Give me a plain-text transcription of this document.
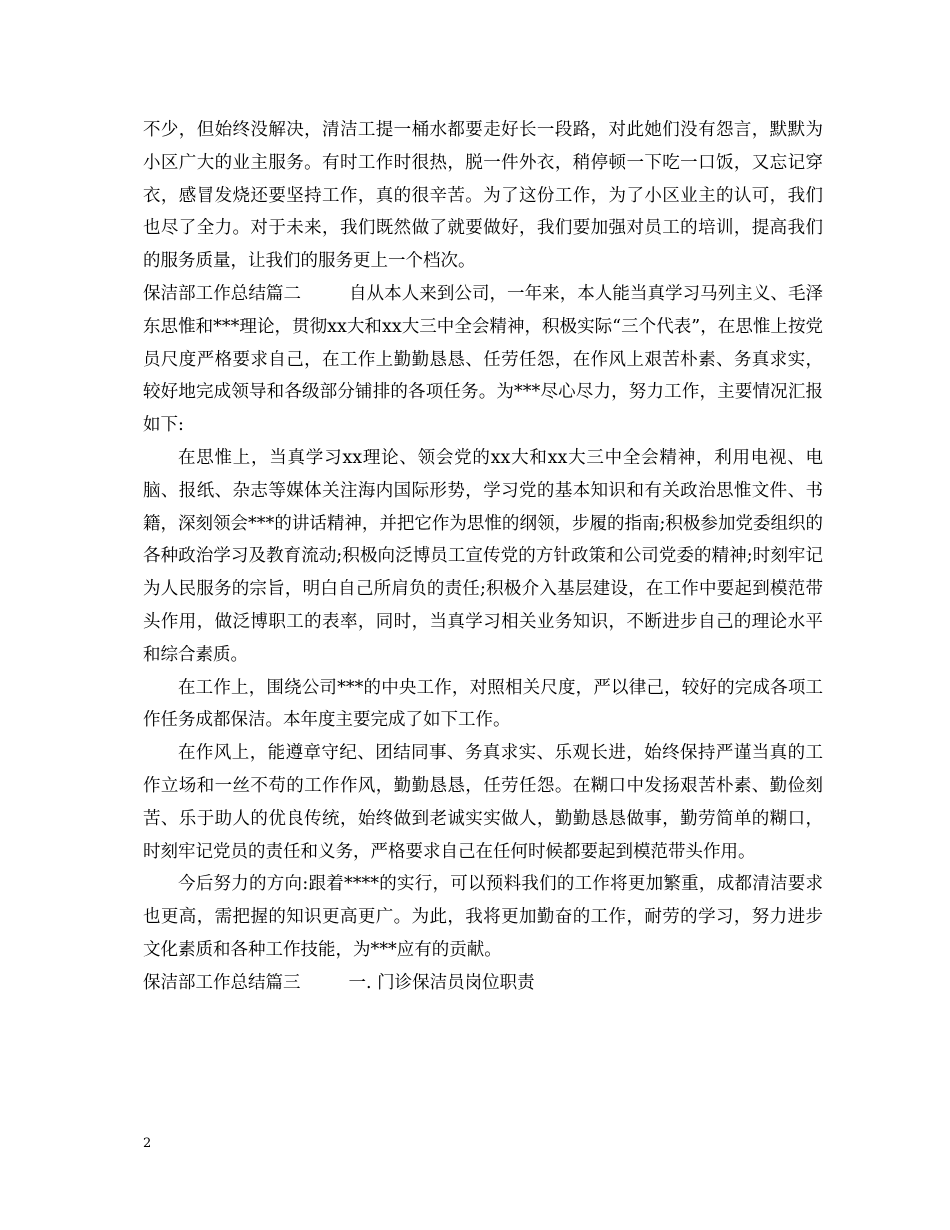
不少，但始终没解决，清洁工提一桶水都要走好长一段路，对此她们没有怨言，默默为小区广大的业主服务。有时工作时很热，脱一件外衣，稍停顿一下吃一口饭，又忘记穿衣，感冒发烧还要坚持工作，真的很辛苦。为了这份工作，为了小区业主的认可，我们也尽了全力。对于未来，我们既然做了就要做好，我们要加强对员工的培训，提高我们的服务质量，让我们的服务更上一个档次。

保洁部工作总结篇二	自从本人来到公司，一年来，本人能当真学习马列主义、毛泽东思惟和***理论，贯彻xx大和xx大三中全会精神，积极实际“三个代表”，在思惟上按党员尺度严格要求自己，在工作上勤勤恳恳、任劳任怨，在作风上艰苦朴素、务真求实，较好地完成领导和各级部分铺排的各项任务。为***尽心尽力，努力工作，主要情况汇报如下:

在思惟上，当真学习xx理论、领会党的xx大和xx大三中全会精神，利用电视、电脑、报纸、杂志等媒体关注海内国际形势，学习党的基本知识和有关政治思惟文件、书籍，深刻领会***的讲话精神，并把它作为思惟的纲领，步履的指南;积极参加党委组织的各种政治学习及教育流动;积极向泛博员工宣传党的方针政策和公司党委的精神;时刻牢记为人民服务的宗旨，明白自己所肩负的责任;积极介入基层建设，在工作中要起到模范带头作用，做泛博职工的表率，同时，当真学习相关业务知识，不断进步自己的理论水平和综合素质。

在工作上，围绕公司***的中央工作，对照相关尺度，严以律己，较好的完成各项工作任务成都保洁。本年度主要完成了如下工作。

在作风上，能遵章守纪、团结同事、务真求实、乐观长进，始终保持严谨当真的工作立场和一丝不苟的工作作风，勤勤恳恳，任劳任怨。在糊口中发扬艰苦朴素、勤俭刻苦、乐于助人的优良传统，始终做到老诚实实做人，勤勤恳恳做事，勤劳简单的糊口，时刻牢记党员的责任和义务，严格要求自己在任何时候都要起到模范带头作用。

今后努力的方向:跟着****的实行，可以预料我们的工作将更加繁重，成都清洁要求也更高，需把握的知识更高更广。为此，我将更加勤奋的工作，耐劳的学习，努力进步文化素质和各种工作技能，为***应有的贡献。

保洁部工作总结篇三	一. 门诊保洁员岗位职责

2
